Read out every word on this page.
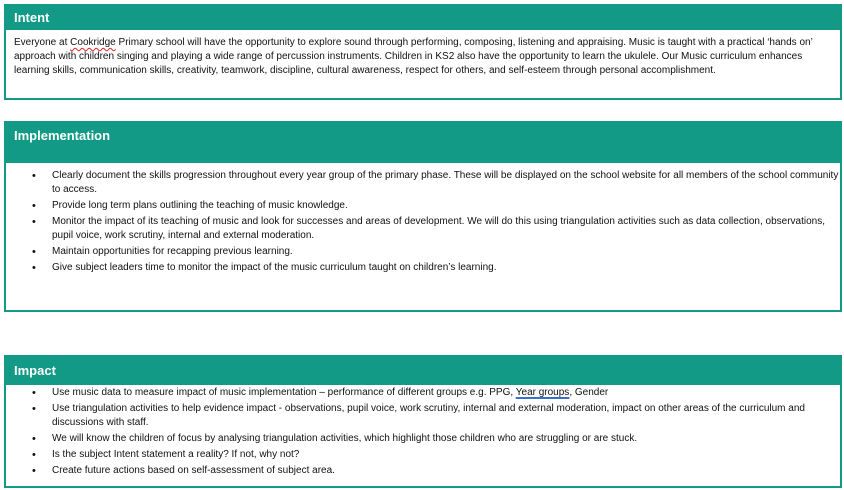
Intent

Everyone at Cookridge Primary school will have the opportunity to explore sound through performing, composing, listening and appraising. Music is taught with a practical ‘hands on’ approach with children singing and playing a wide range of percussion instruments. Children in KS2 also have the opportunity to learn the ukulele. Our Music curriculum enhances learning skills, communication skills, creativity, teamwork, discipline, cultural awareness, respect for others, and self-esteem through personal accomplishment.

Implementation
• Clearly document the skills progression throughout every year group of the primary phase. These will be displayed on the school website for all members of the school community to access.
• Provide long term plans outlining the teaching of music knowledge.
• Monitor the impact of its teaching of music and look for successes and areas of development. We will do this using triangulation activities such as data collection, observations, pupil voice, work scrutiny, internal and external moderation.
• Maintain opportunities for recapping previous learning.
• Give subject leaders time to monitor the impact of the music curriculum taught on children’s learning.
Impact
• Use music data to measure impact of music implementation – performance of different groups e.g. PPG, Year groups, Gender
• Use triangulation activities to help evidence impact - observations, pupil voice, work scrutiny, internal and external moderation, impact on other areas of the curriculum and discussions with staff.
• We will know the children of focus by analysing triangulation activities, which highlight those children who are struggling or are stuck.
• Is the subject Intent statement a reality? If not, why not?
• Create future actions based on self-assessment of subject area.
